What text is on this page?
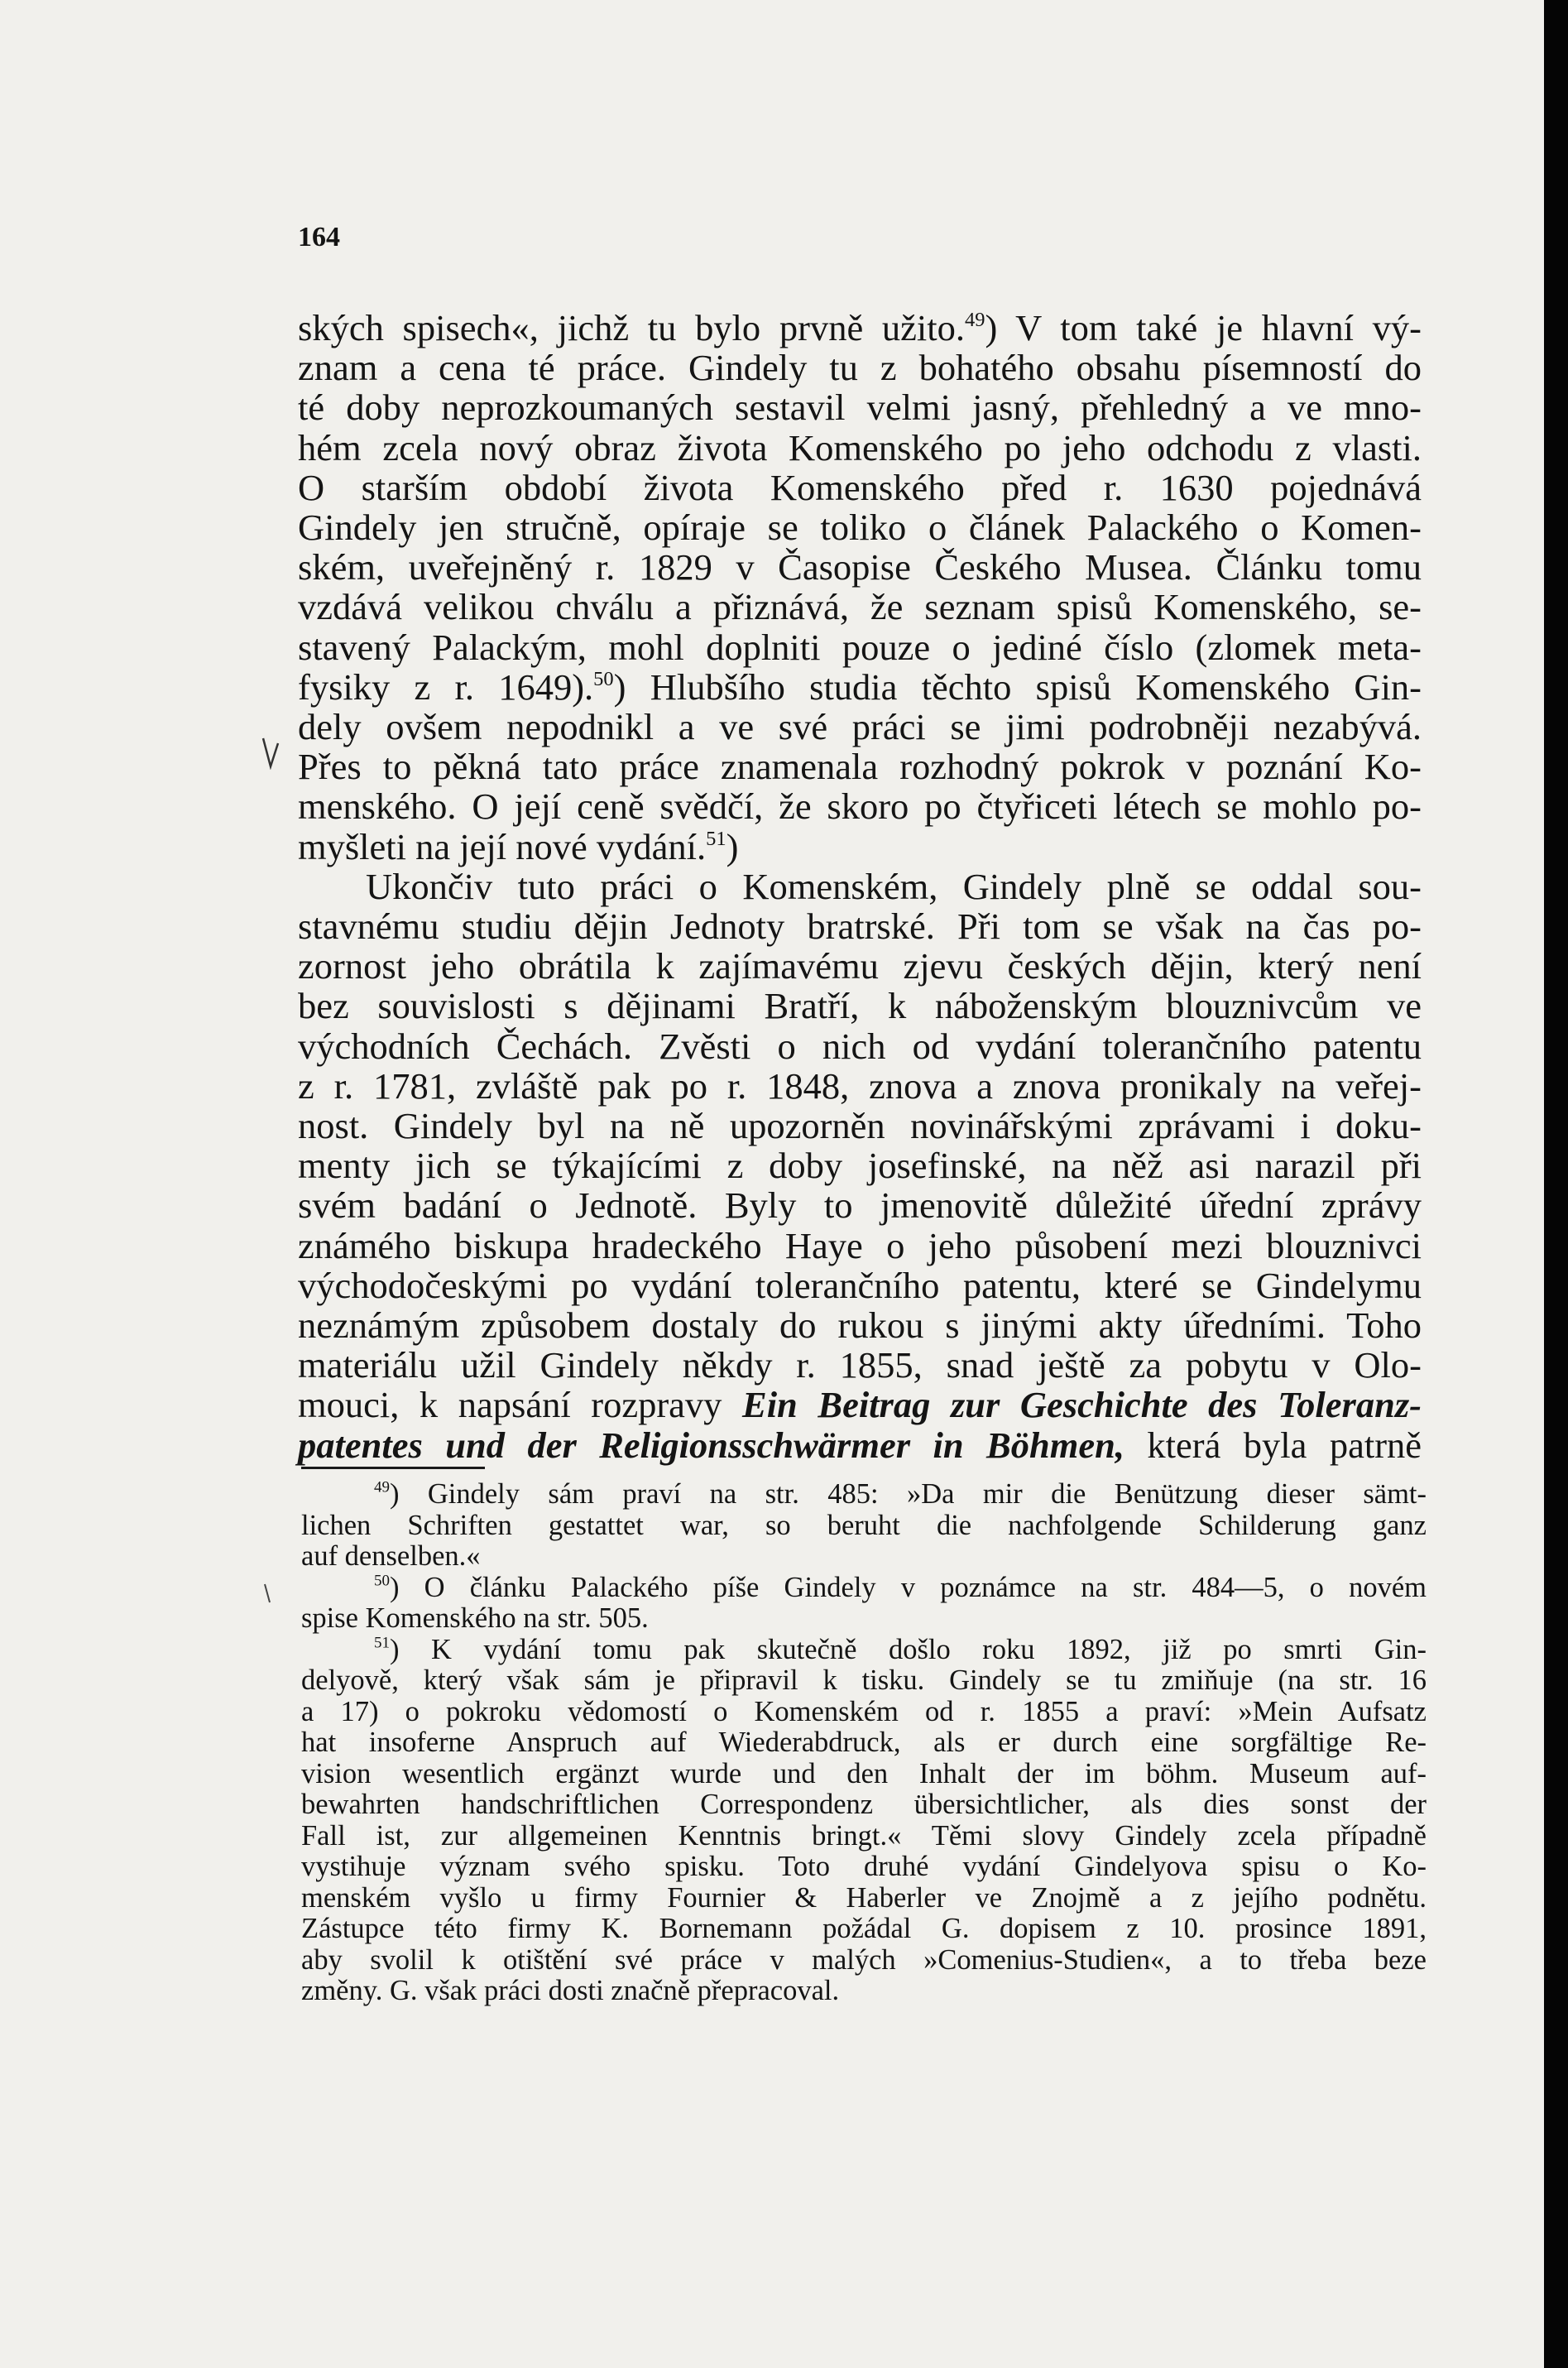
164
ských spisech«, jichž tu bylo prvně užito.$^{49}$) V tom také je hlavní vý-
znam a cena té práce. Gindely tu z bohatého obsahu písemností do
té doby neprozkoumaných sestavil velmi jasný, přehledný a ve mno-
hém zcela nový obraz života Komenského po jeho odchodu z vlasti.
O starším období života Komenského před r. 1630 pojednává
Gindely jen stručně, opíraje se toliko o článek Palackého o Komen-
ském, uveřejněný r. 1829 v Časopise Českého Musea. Článku tomu
vzdává velikou chválu a přiznává, že seznam spisů Komenského, se-
stavený Palackým, mohl doplniti pouze o jediné číslo (zlomek meta-
fysiky z r. 1649).$^{50}$) Hlubšího studia těchto spisů Komenského Gin-
dely ovšem nepodnikl a ve své práci se jimi podrobněji nezabývá.
Přes to pěkná tato práce znamenala rozhodný pokrok v poznání Ko-
menského. O její ceně svědčí, že skoro po čtyřiceti létech se mohlo po-
myšleti na její nové vydání.$^{51}$)
Ukončiv tuto práci o Komenském, Gindely plně se oddal sou-
stavnému studiu dějin Jednoty bratrské. Při tom se však na čas po-
zornost jeho obrátila k zajímavému zjevu českých dějin, který není
bez souvislosti s dějinami Bratří, k náboženským blouznivcům ve
východních Čechách. Zvěsti o nich od vydání tolerančního patentu
z r. 1781, zvláště pak po r. 1848, znova a znova pronikaly na veřej-
nost. Gindely byl na ně upozorněn novinářskými zprávami i doku-
menty jich se týkajícími z doby josefinské, na něž asi narazil při
svém badání o Jednotě. Byly to jmenovitě důležité úřední zprávy
známého biskupa hradeckého Haye o jeho působení mezi blouznivci
východočeskými po vydání tolerančního patentu, které se Gindelymu
neznámým způsobem dostaly do rukou s jinými akty úředními. Toho
materiálu užil Gindely někdy r. 1855, snad ještě za pobytu v Olo-
mouci, k napsání rozpravy Ein Beitrag zur Geschichte des Toleranz-
patentes und der Religionsschwärmer in Böhmen, která byla patrně
$^{49}$) Gindely sám praví na str. 485: »Da mir die Benützung dieser sämt-
lichen Schriften gestattet war, so beruht die nachfolgende Schilderung ganz
auf denselben.«
$^{50}$) O článku Palackého píše Gindely v poznámce na str. 484—5, o novém
spise Komenského na str. 505.
$^{51}$) K vydání tomu pak skutečně došlo roku 1892, již po smrti Gin-
delyově, který však sám je připravil k tisku. Gindely se tu zmiňuje (na str. 16
a 17) o pokroku vědomostí o Komenském od r. 1855 a praví: »Mein Aufsatz
hat insoferne Anspruch auf Wiederabdruck, als er durch eine sorgfältige Re-
vision wesentlich ergänzt wurde und den Inhalt der im böhm. Museum auf-
bewahrten handschriftlichen Correspondenz übersichtlicher, als dies sonst der
Fall ist, zur allgemeinen Kenntnis bringt.« Těmi slovy Gindely zcela případně
vystihuje význam svého spisku. Toto druhé vydání Gindelyova spisu o Ko-
menském vyšlo u firmy Fournier & Haberler ve Znojmě a z jejího podnětu.
Zástupce této firmy K. Bornemann požádal G. dopisem z 10. prosince 1891,
aby svolil k otištění své práce v malých »Comenius-Studien«, a to třeba beze
změny. G. však práci dosti značně přepracoval.
